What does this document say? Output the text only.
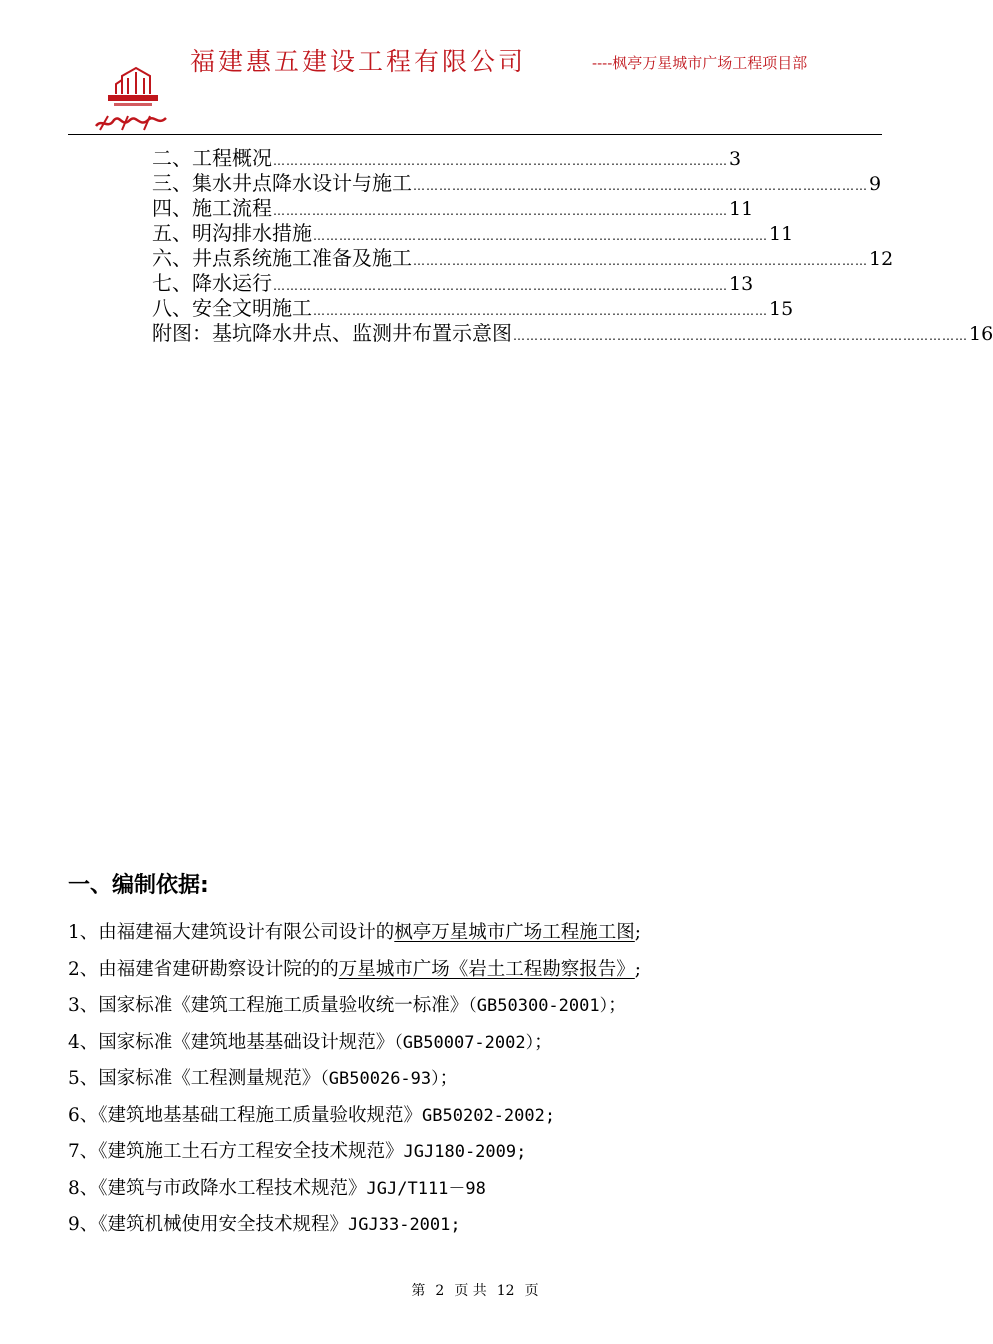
福建惠五建设工程有限公司	----枫亭万星城市广场工程项目部
二、工程概况 …………………………………………………………………………………………… 3
三、集水井点降水设计与施工 …………………………………………………………………………………………… 9
四、施工流程 …………………………………………………………………………………………… 11
五、明沟排水措施 …………………………………………………………………………………………… 11
六、井点系统施工准备及施工 …………………………………………………………………………………………… 12
七、降水运行 …………………………………………………………………………………………… 13
八、安全文明施工 …………………………………………………………………………………………… 15
附图：基坑降水井点、监测井布置示意图 …………………………………………………………………………………………… 16
一、编制依据:
1、由福建福大建筑设计有限公司设计的枫亭万星城市广场工程施工图;
2、由福建省建研勘察设计院的的万星城市广场《岩土工程勘察报告》;
3、国家标准《建筑工程施工质量验收统一标准》（GB50300-2001）；
4、国家标准《建筑地基基础设计规范》（GB50007-2002）；
5、国家标准《工程测量规范》（GB50026-93）；
6、《建筑地基基础工程施工质量验收规范》GB50202-2002;
7、《建筑施工土石方工程安全技术规范》JGJ180-2009;
8、《建筑与市政降水工程技术规范》JGJ/T111－98
9、《建筑机械使用安全技术规程》JGJ33-2001;
第 2 页 共 12 页
